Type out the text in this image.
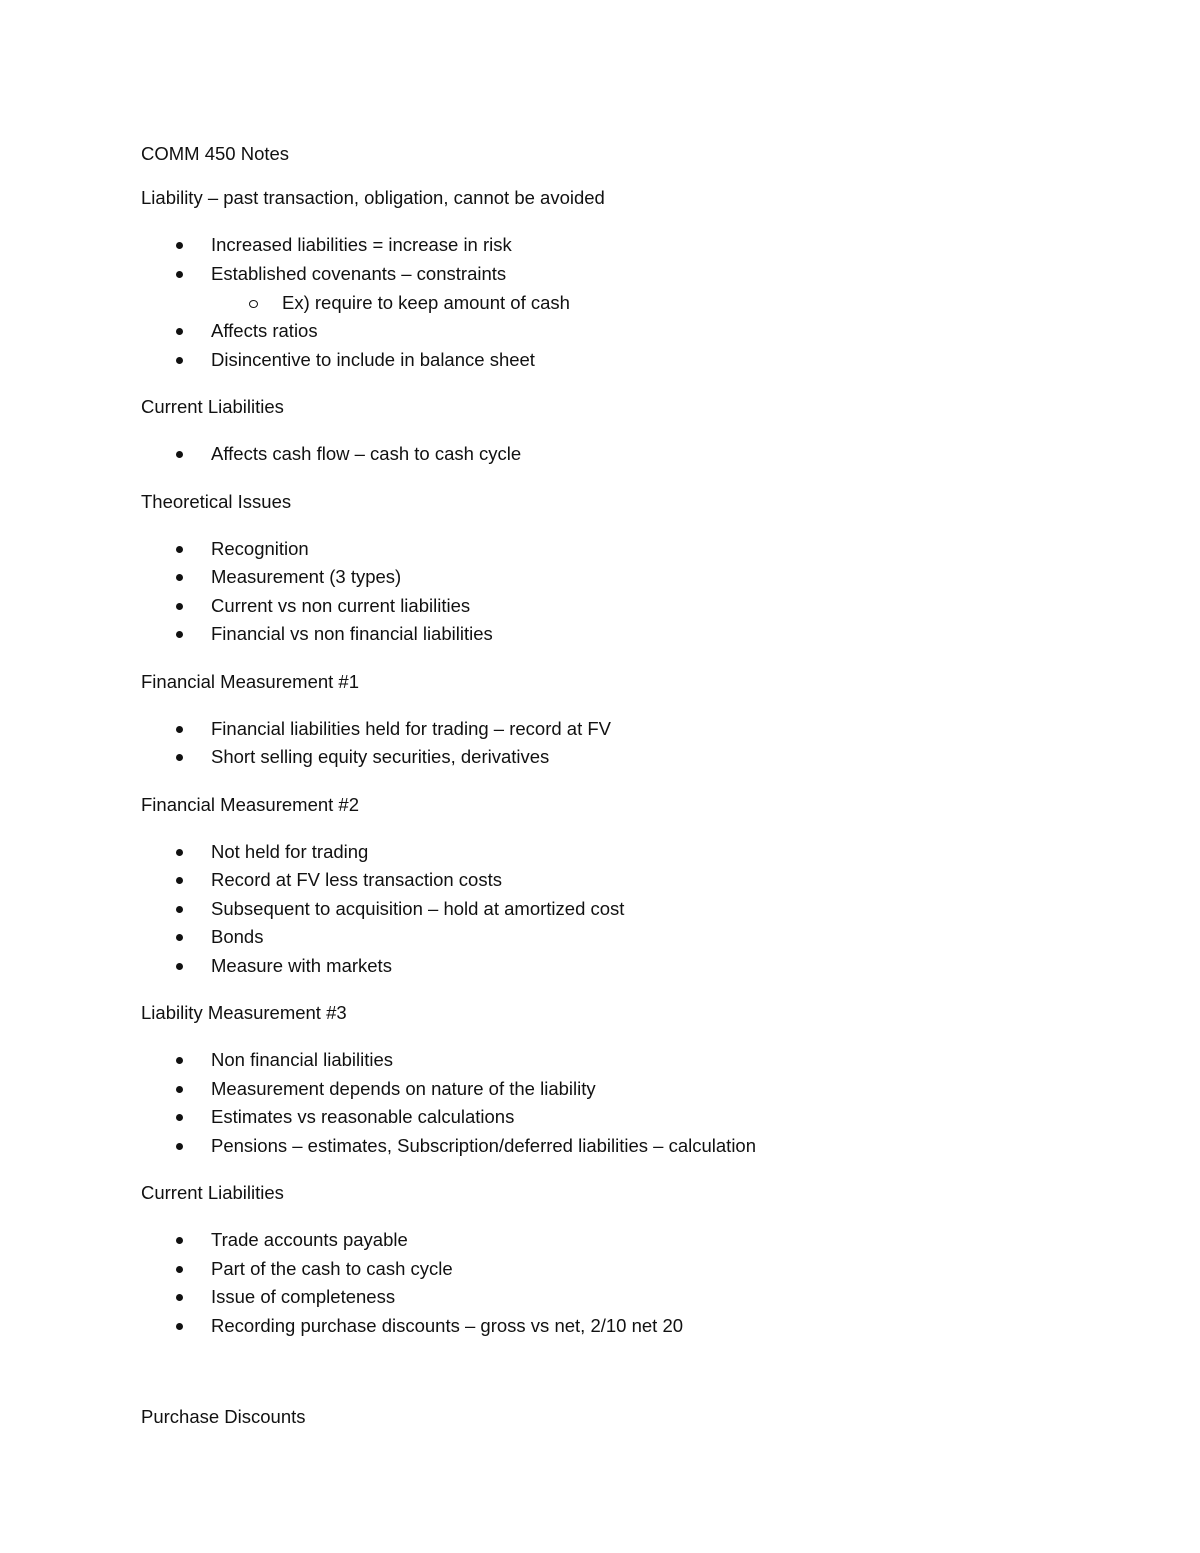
COMM 450 Notes
Liability – past transaction, obligation, cannot be avoided
Increased liabilities = increase in risk
Established covenants – constraints
Ex) require to keep amount of cash
Affects ratios
Disincentive to include in balance sheet
Current Liabilities
Affects cash flow – cash to cash cycle
Theoretical Issues
Recognition
Measurement (3 types)
Current vs non current liabilities
Financial vs non financial liabilities
Financial Measurement #1
Financial liabilities held for trading – record at FV
Short selling equity securities, derivatives
Financial Measurement #2
Not held for trading
Record at FV less transaction costs
Subsequent to acquisition – hold at amortized cost
Bonds
Measure with markets
Liability Measurement #3
Non financial liabilities
Measurement depends on nature of the liability
Estimates vs reasonable calculations
Pensions – estimates, Subscription/deferred liabilities – calculation
Current Liabilities
Trade accounts payable
Part of the cash to cash cycle
Issue of completeness
Recording purchase discounts – gross vs net, 2/10 net 20
Purchase Discounts
